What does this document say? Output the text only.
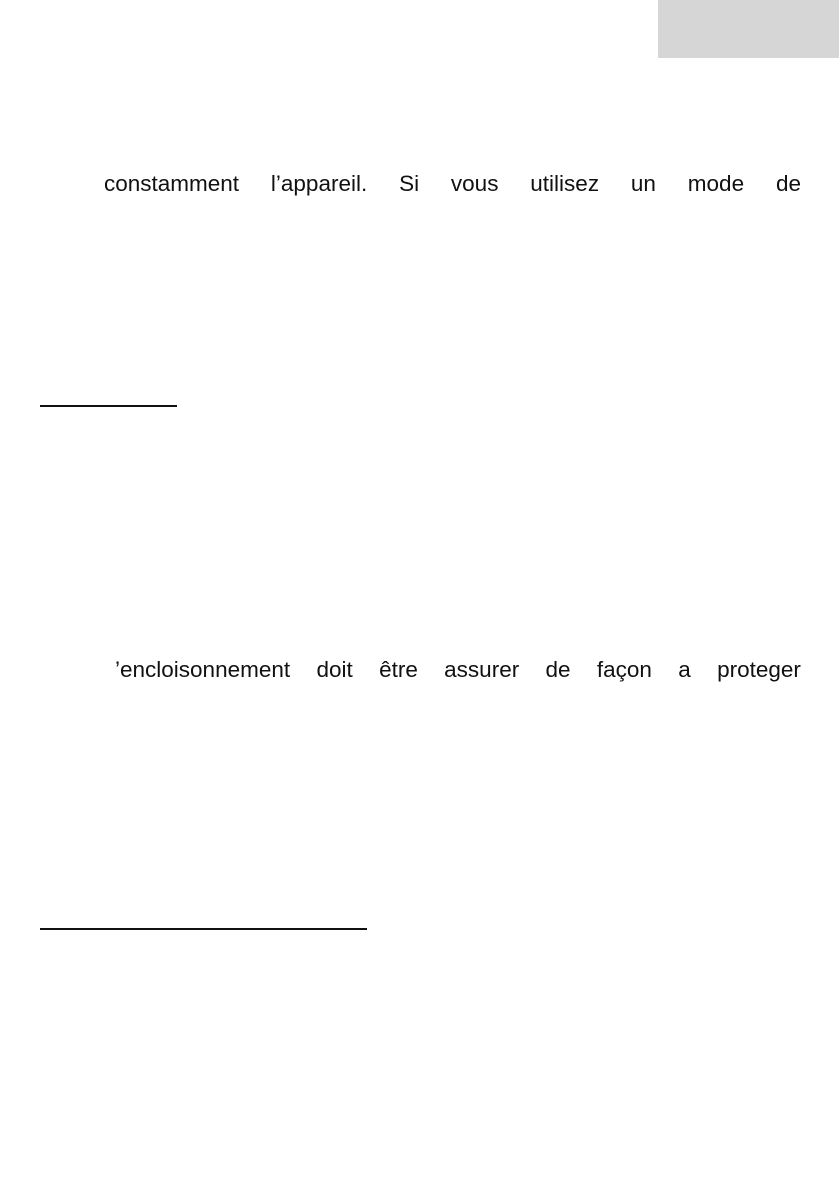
constamment l’appareil. Si vous utilisez un mode de
’encloisonnement doit être assurer de façon a proteger
